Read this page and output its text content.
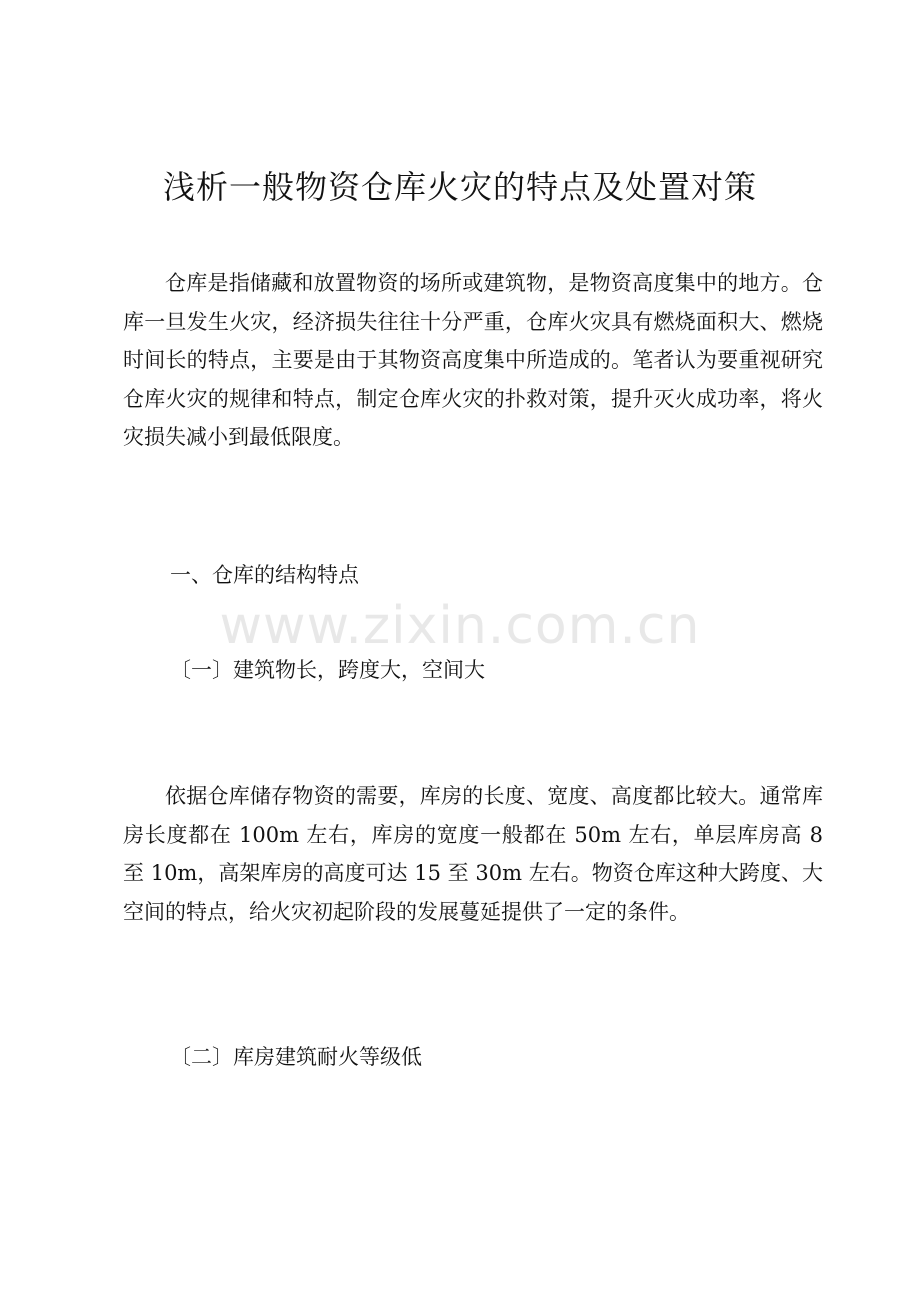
浅析一般物资仓库火灾的特点及处置对策

仓库是指储藏和放置物资的场所或建筑物，是物资高度集中的地方。仓库一旦发生火灾，经济损失往往十分严重，仓库火灾具有燃烧面积大、燃烧时间长的特点，主要是由于其物资高度集中所造成的。笔者认为要重视研究仓库火灾的规律和特点，制定仓库火灾的扑救对策，提升灭火成功率，将火灾损失减小到最低限度。

一、仓库的结构特点
www.zixin.com.cn
〔一〕建筑物长，跨度大，空间大

依据仓库储存物资的需要，库房的长度、宽度、高度都比较大。通常库房长度都在 100m 左右，库房的宽度一般都在 50m 左右，单层库房高 8 至 10m，高架库房的高度可达 15 至 30m 左右。物资仓库这种大跨度、大空间的特点，给火灾初起阶段的发展蔓延提供了一定的条件。

〔二〕库房建筑耐火等级低
